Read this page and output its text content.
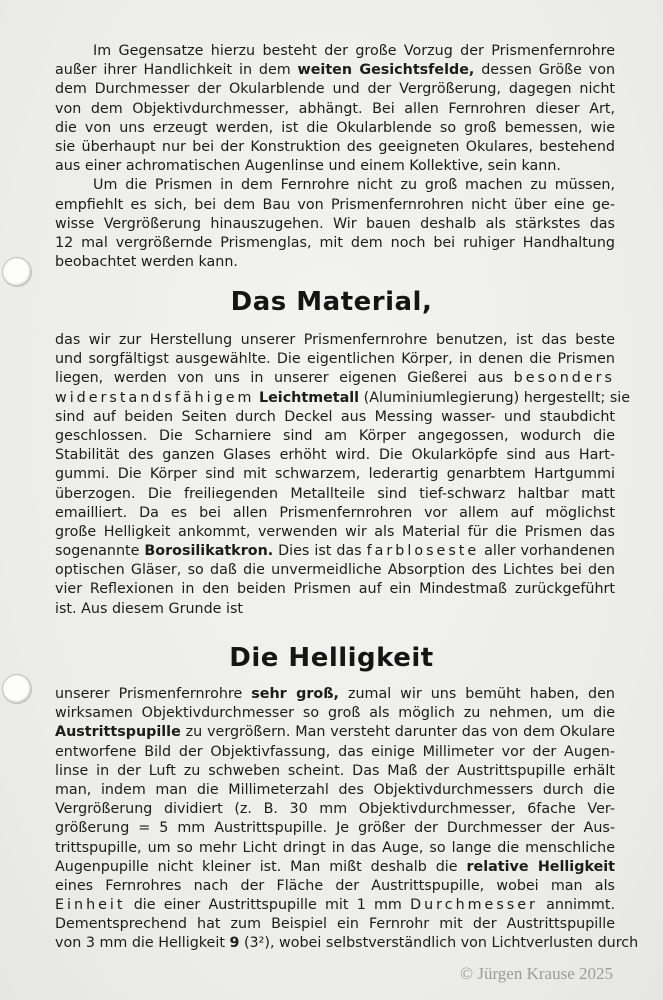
Im Gegensatze hierzu besteht der große Vorzug der Prismenfernrohre
außer ihrer Handlichkeit in dem weiten Gesichtsfelde, dessen Größe von
dem Durchmesser der Okularblende und der Vergrößerung, dagegen nicht
von dem Objektivdurchmesser, abhängt. Bei allen Fernrohren dieser Art,
die von uns erzeugt werden, ist die Okularblende so groß bemessen, wie
sie überhaupt nur bei der Konstruktion des geeigneten Okulares, bestehend
aus einer achromatischen Augenlinse und einem Kollektive, sein kann.
Um die Prismen in dem Fernrohre nicht zu groß machen zu müssen,
empfiehlt es sich, bei dem Bau von Prismenfernrohren nicht über eine ge-
wisse Vergrößerung hinauszugehen. Wir bauen deshalb als stärkstes das
12 mal vergrößernde Prismenglas, mit dem noch bei ruhiger Handhaltung
beobachtet werden kann.
Das Material,
das wir zur Herstellung unserer Prismenfernrohre benutzen, ist das beste
und sorgfältigst ausgewählte. Die eigentlichen Körper, in denen die Prismen
liegen, werden von uns in unserer eigenen Gießerei aus besonders
widerstandsfähigem Leichtmetall (Aluminiumlegierung) hergestellt; sie
sind auf beiden Seiten durch Deckel aus Messing wasser- und staubdicht
geschlossen. Die Scharniere sind am Körper angegossen, wodurch die
Stabilität des ganzen Glases erhöht wird. Die Okularköpfe sind aus Hart-
gummi. Die Körper sind mit schwarzem, lederartig genarbtem Hartgummi
überzogen. Die freiliegenden Metallteile sind tief-schwarz haltbar matt
emailliert. Da es bei allen Prismenfernrohren vor allem auf möglichst
große Helligkeit ankommt, verwenden wir als Material für die Prismen das
sogenannte Borosilikatkron. Dies ist das farbloseste aller vorhandenen
optischen Gläser, so daß die unvermeidliche Absorption des Lichtes bei den
vier Reflexionen in den beiden Prismen auf ein Mindestmaß zurückgeführt
ist. Aus diesem Grunde ist
Die Helligkeit
unserer Prismenfernrohre sehr groß, zumal wir uns bemüht haben, den
wirksamen Objektivdurchmesser so groß als möglich zu nehmen, um die
Austrittspupille zu vergrößern. Man versteht darunter das von dem Okulare
entworfene Bild der Objektivfassung, das einige Millimeter vor der Augen-
linse in der Luft zu schweben scheint. Das Maß der Austrittspupille erhält
man, indem man die Millimeterzahl des Objektivdurchmessers durch die
Vergrößerung dividiert (z. B. 30 mm Objektivdurchmesser, 6fache Ver-
größerung = 5 mm Austrittspupille. Je größer der Durchmesser der Aus-
trittspupille, um so mehr Licht dringt in das Auge, so lange die menschliche
Augenpupille nicht kleiner ist. Man mißt deshalb die relative Helligkeit
eines Fernrohres nach der Fläche der Austrittspupille, wobei man als
Einheit die einer Austrittspupille mit 1 mm Durchmesser annimmt.
Dementsprechend hat zum Beispiel ein Fernrohr mit der Austrittspupille
von 3 mm die Helligkeit 9 (3²), wobei selbstverständlich von Lichtverlusten durch
© Jürgen Krause 2025
